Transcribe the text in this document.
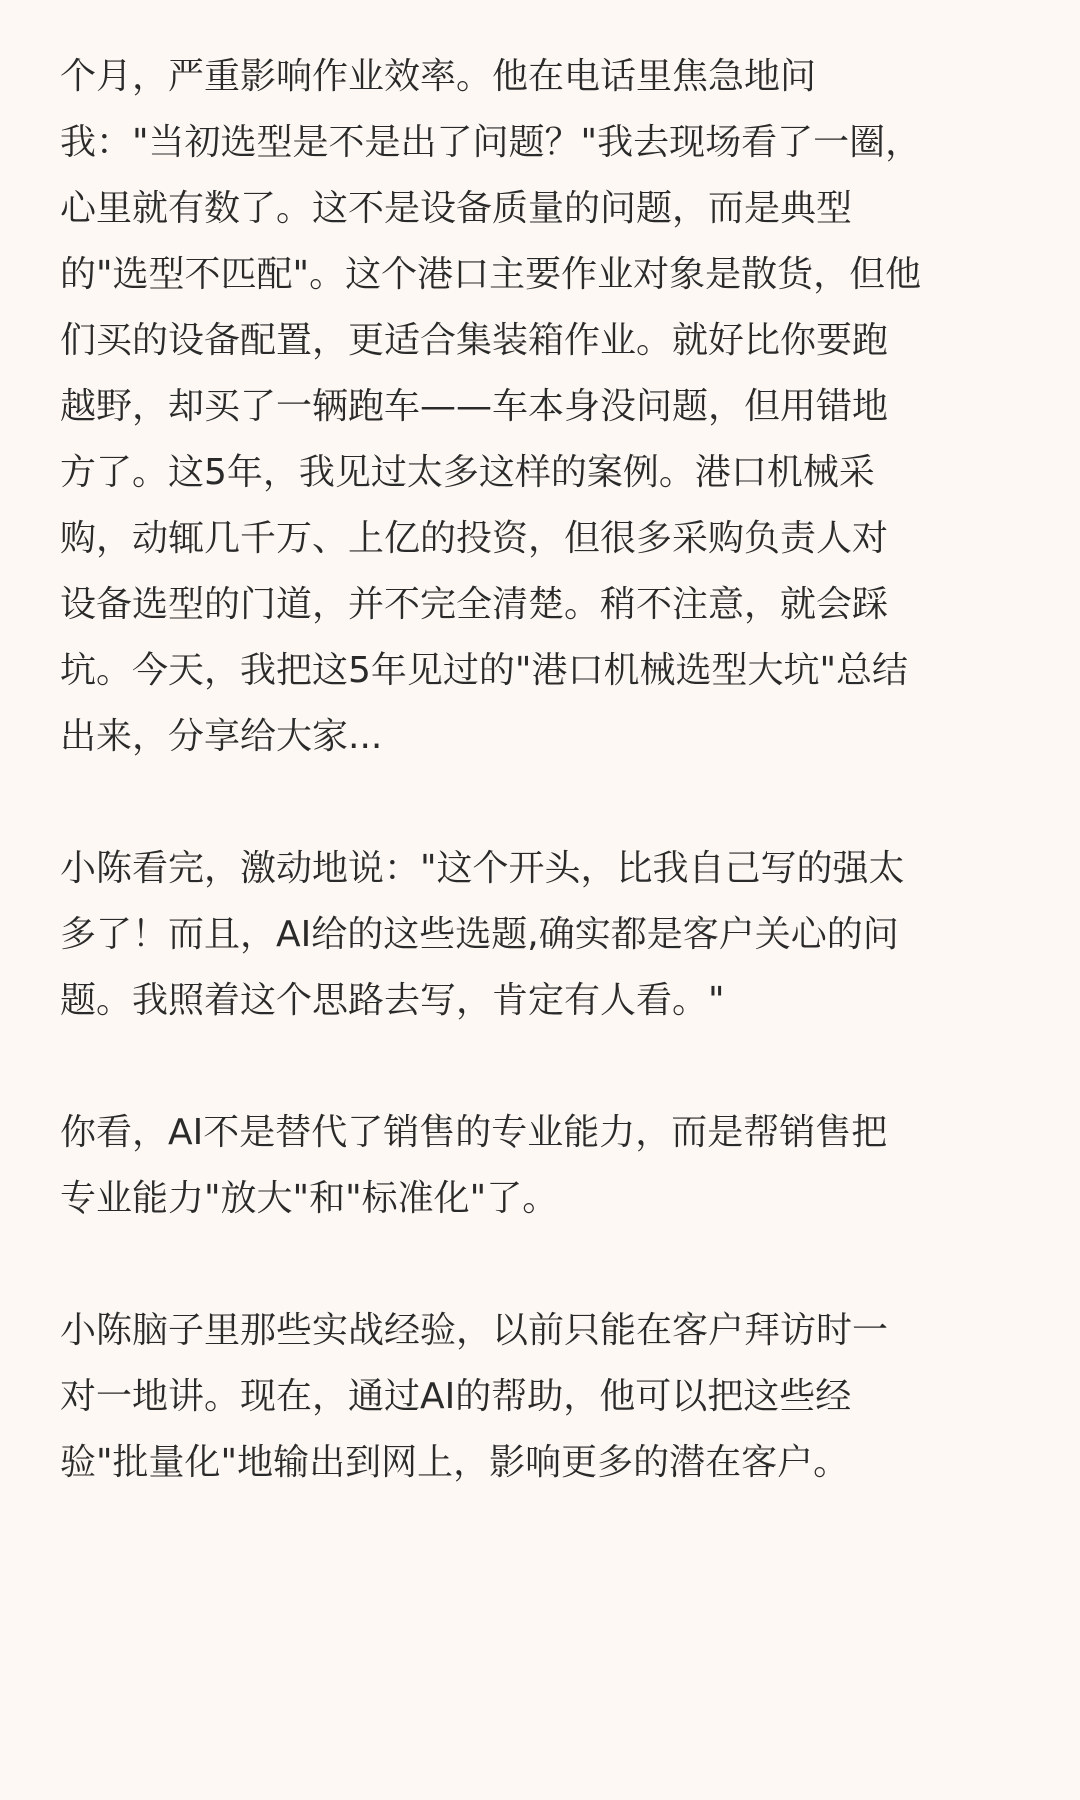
个月，严重影响作业效率。他在电话里焦急地问
我："当初选型是不是出了问题？"我去现场看了一圈，
心里就有数了。这不是设备质量的问题，而是典型
的"选型不匹配"。这个港口主要作业对象是散货，但他
们买的设备配置，更适合集装箱作业。就好比你要跑
越野，却买了一辆跑车——车本身没问题，但用错地
方了。这5年，我见过太多这样的案例。港口机械采
购，动辄几千万、上亿的投资，但很多采购负责人对
设备选型的门道，并不完全清楚。稍不注意，就会踩
坑。今天，我把这5年见过的"港口机械选型大坑"总结
出来，分享给大家...
小陈看完，激动地说："这个开头，比我自己写的强太
多了！而且，AI给的这些选题,确实都是客户关心的问
题。我照着这个思路去写，肯定有人看。"
你看，AI不是替代了销售的专业能力，而是帮销售把
专业能力"放大"和"标准化"了。
小陈脑子里那些实战经验，以前只能在客户拜访时一
对一地讲。现在，通过AI的帮助，他可以把这些经
验"批量化"地输出到网上，影响更多的潜在客户。
